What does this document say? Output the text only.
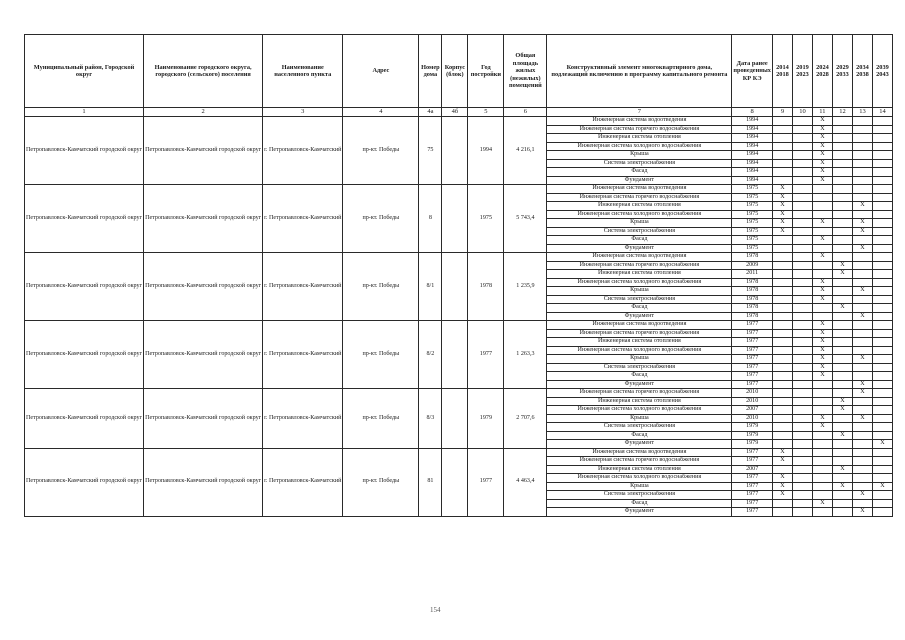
Муниципальный район, Городской округ	Наименование городского округа, городского (сельского) поселения	Наименование населенного пункта	Адрес	Номер дома	Корпус (блок)	Год постройки	Общая площадь жилых (нежилых) помещений	Конструктивный элемент многоквартирного дома, подлежащий включению в программу капитального ремонта	Дата ранее проведенных КР КЭ	2014 2018	2019 2023	2024 2028	2029 2033	2034 2038	2039 2043
1	2	3	4	4а	4б	5	6	7	8	9	10	11	12	13	14
Петропавловск-Камчатский городской округ	Петропавловск-Камчатский городской округ	г. Петропавловск-Камчатский	пр-кт. Победы	75		1994	4 216,1	Инженерная система водоотведения	1994			Х			
								Инженерная система горячего водоснабжения	1994			Х			
								Инженерная система отопления	1994			Х			
								Инженерная система холодного водоснабжения	1994			Х			
								Крыша	1994			Х			
								Система электроснабжения	1994			Х			
								Фасад	1994			Х			
								Фундамент	1994			Х			
Петропавловск-Камчатский городской округ	Петропавловск-Камчатский городской округ	г. Петропавловск-Камчатский	пр-кт. Победы	8		1975	5 743,4	Инженерная система водоотведения	1975	Х					
								Инженерная система горячего водоснабжения	1975	Х					
								Инженерная система отопления	1975	Х				Х	
								Инженерная система холодного водоснабжения	1975	Х					
								Крыша	1975	Х		Х		Х	
								Система электроснабжения	1975	Х				Х	
								Фасад	1975			Х			
								Фундамент	1975					Х	
Петропавловск-Камчатский городской округ	Петропавловск-Камчатский городской округ	г. Петропавловск-Камчатский	пр-кт. Победы	8/1		1978	1 235,9	Инженерная система водоотведения	1978			Х			
								Инженерная система горячего водоснабжения	2009				Х		
								Инженерная система отопления	2011				Х		
								Инженерная система холодного водоснабжения	1978			Х			
								Крыша	1978			Х		Х	
								Система электроснабжения	1978			Х			
								Фасад	1978				Х		
								Фундамент	1978					Х	
Петропавловск-Камчатский городской округ	Петропавловск-Камчатский городской округ	г. Петропавловск-Камчатский	пр-кт. Победы	8/2		1977	1 263,3	Инженерная система водоотведения	1977			Х			
								Инженерная система горячего водоснабжения	1977			Х			
								Инженерная система отопления	1977			Х			
								Инженерная система холодного водоснабжения	1977			Х			
								Крыша	1977			Х		Х	
								Система электроснабжения	1977			Х			
								Фасад	1977			Х			
								Фундамент	1977					Х	
Петропавловск-Камчатский городской округ	Петропавловск-Камчатский городской округ	г. Петропавловск-Камчатский	пр-кт. Победы	8/3		1979	2 707,6	Инженерная система горячего водоснабжения	2010					Х	
								Инженерная система отопления	2010				Х		
								Инженерная система холодного водоснабжения	2007				Х		
								Крыша	2010			Х		Х	
								Система электроснабжения	1979			Х			
								Фасад	1979				Х		
								Фундамент	1979						Х
Петропавловск-Камчатский городской округ	Петропавловск-Камчатский городской округ	г. Петропавловск-Камчатский	пр-кт. Победы	81		1977	4 463,4	Инженерная система водоотведения	1977	Х					
								Инженерная система горячего водоснабжения	1977	Х					
								Инженерная система отопления	2007				Х		
								Инженерная система холодного водоснабжения	1977	Х					
								Крыша	1977	Х			Х		Х
								Система электроснабжения	1977	Х				Х	
								Фасад	1977			Х			
								Фундамент	1977					Х	
154
